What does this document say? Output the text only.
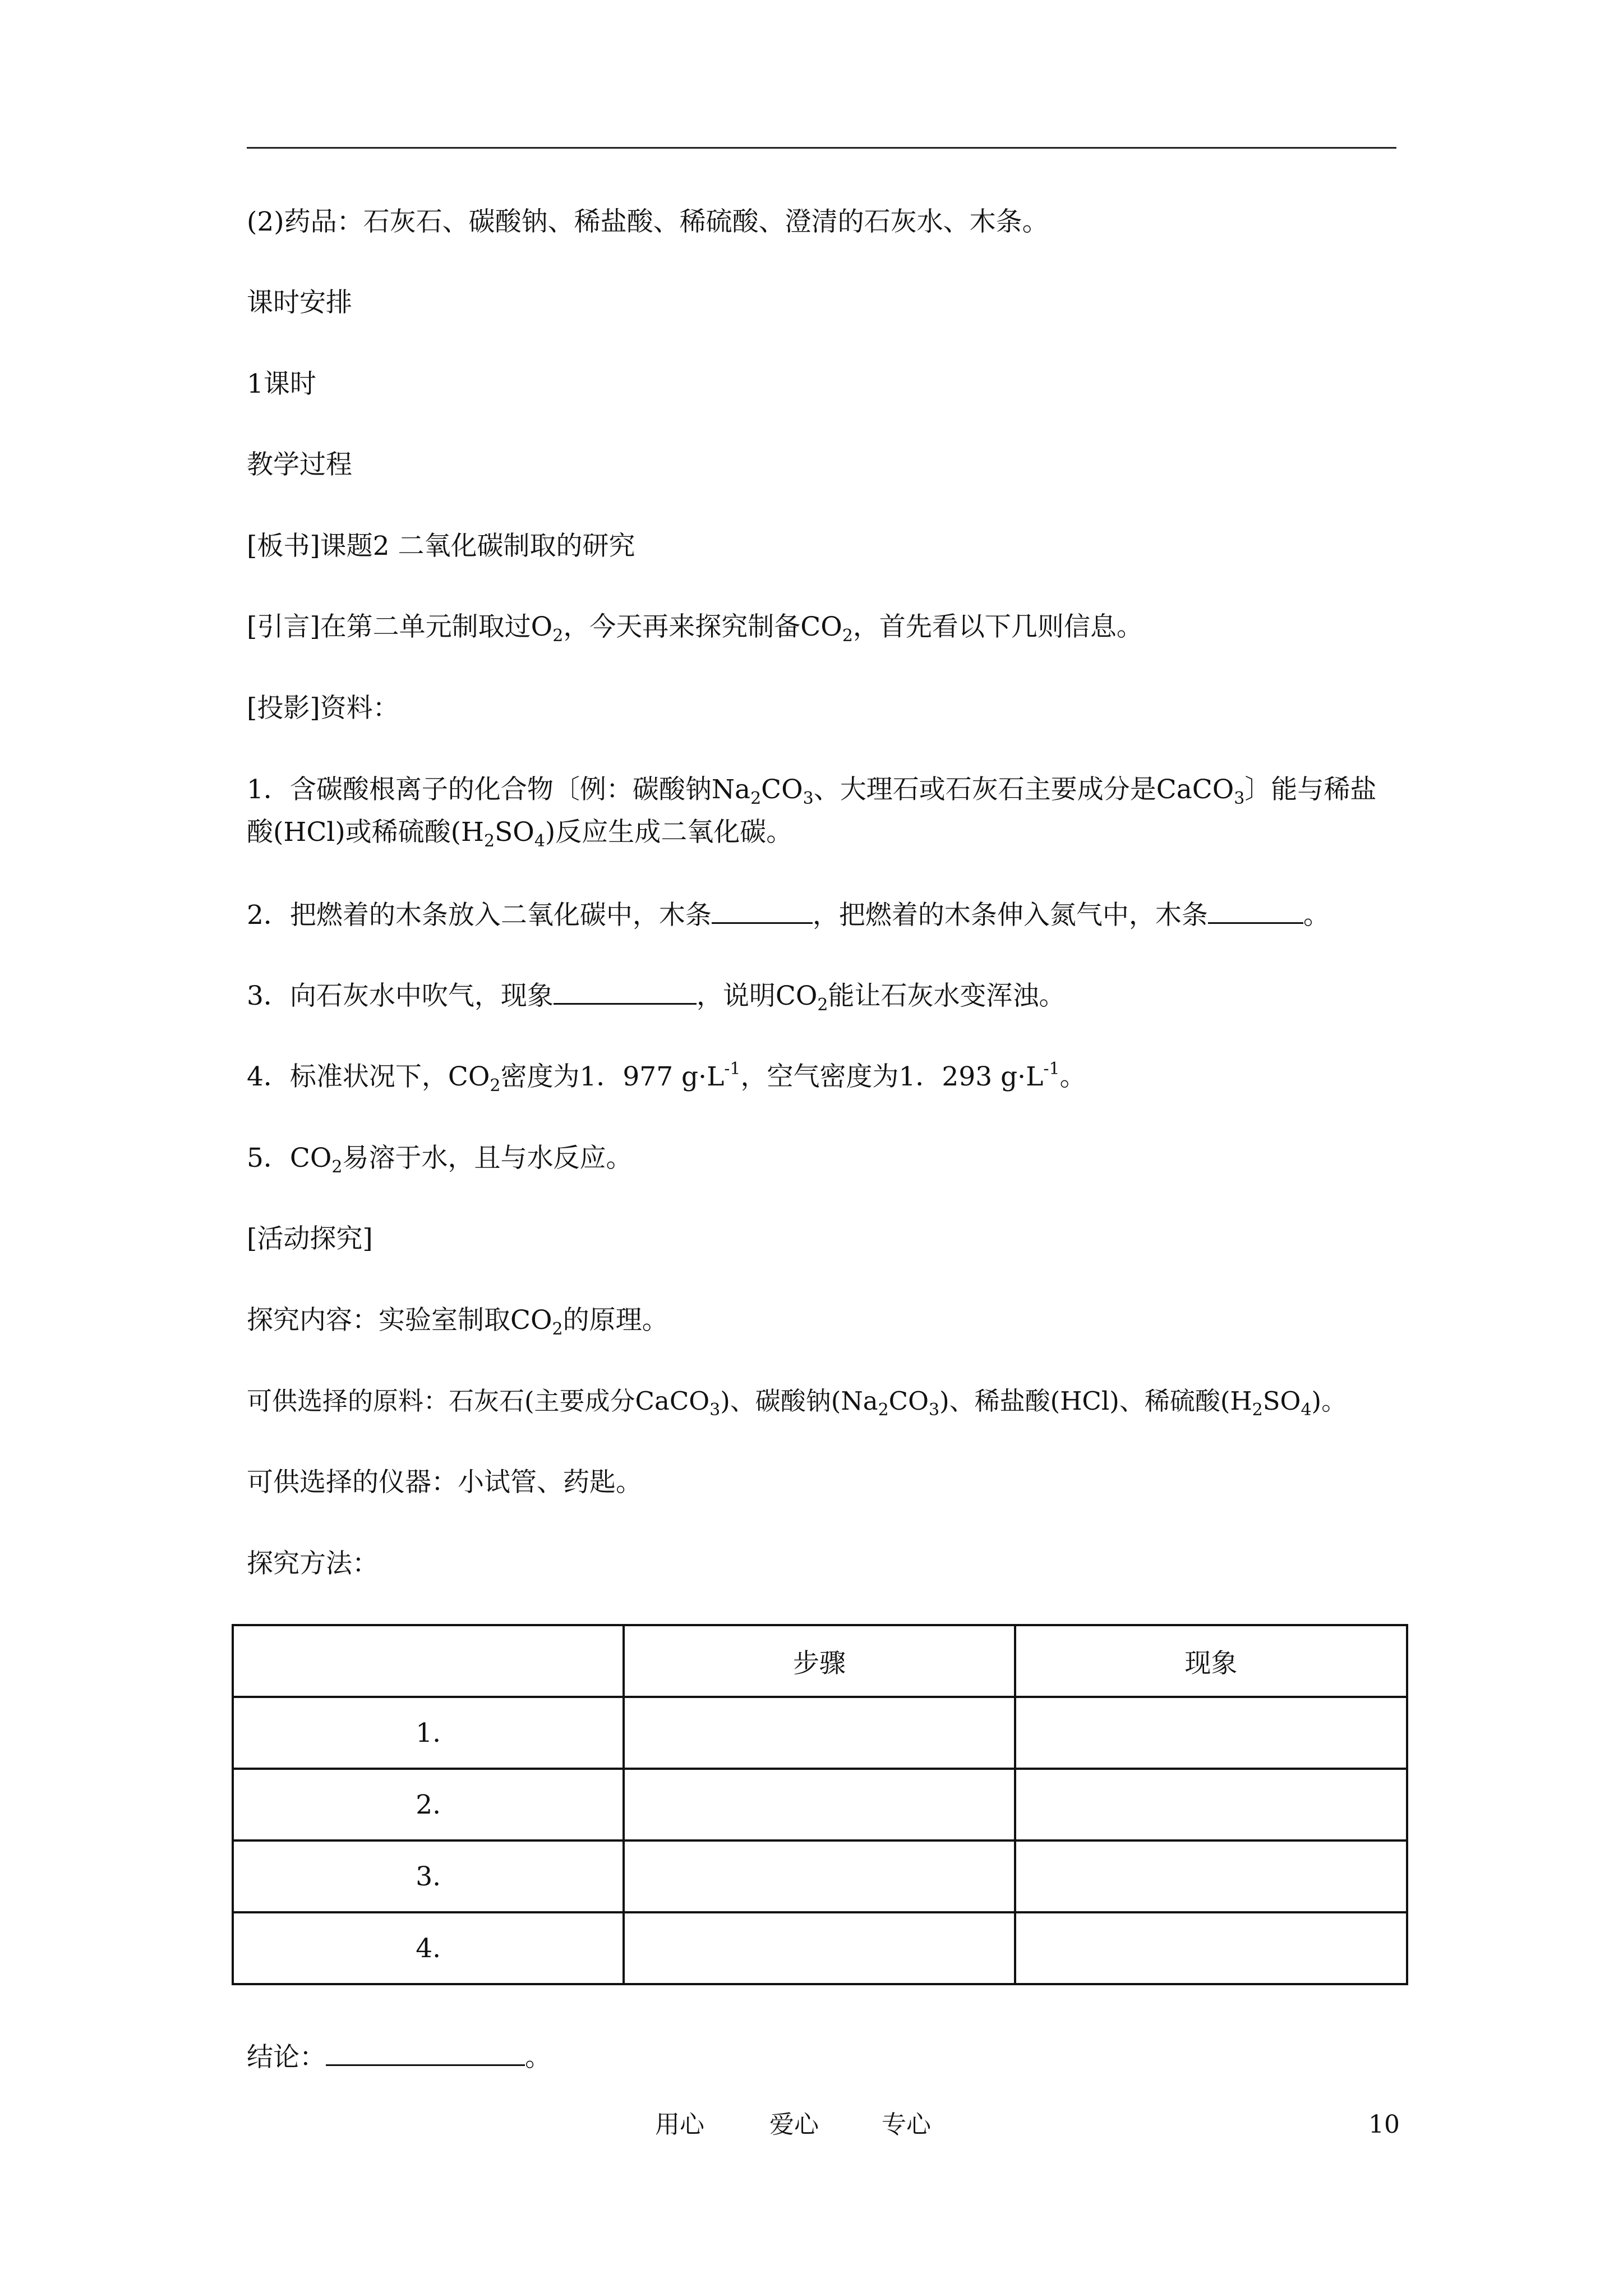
(2)药品：石灰石、碳酸钠、稀盐酸、稀硫酸、澄清的石灰水、木条。
课时安排
1课时
教学过程
[板书]课题2 二氧化碳制取的研究
[引言]在第二单元制取过$O_2$，今天再来探究制备$CO_2$，首先看以下几则信息。
[投影]资料：
1．含碳酸根离子的化合物〔例：碳酸钠$Na_2CO_3$、大理石或石灰石主要成分是CaCO$_3$〕能与稀盐酸(HCl)或稀硫酸$(H_2SO_4)$反应生成二氧化碳。
2．把燃着的木条放入二氧化碳中，木条	，把燃着的木条伸入氮气中，木条	。
3．向石灰水中吹气，现象	，说明$CO_2$能让石灰水变浑浊。
4．标准状况下，$CO_2$密度为1．977 $g\cdot L^{-1}$，空气密度为1．293 $g\cdot L^{-1}$。
5．$CO_2$易溶于水，且与水反应。
[活动探究]
探究内容：实验室制取$CO_2$的原理。
可供选择的原料：石灰石(主要成分CaCO$_3$)、碳酸钠$(Na_2CO_3)$、稀盐酸(HCl)、稀硫酸$(H_2SO_4)$。
可供选择的仪器：小试管、药匙。
探究方法：
	步骤	现象
1.		
2.		
3.		
4.		
结论：	。
用心	爱心	专心	10
